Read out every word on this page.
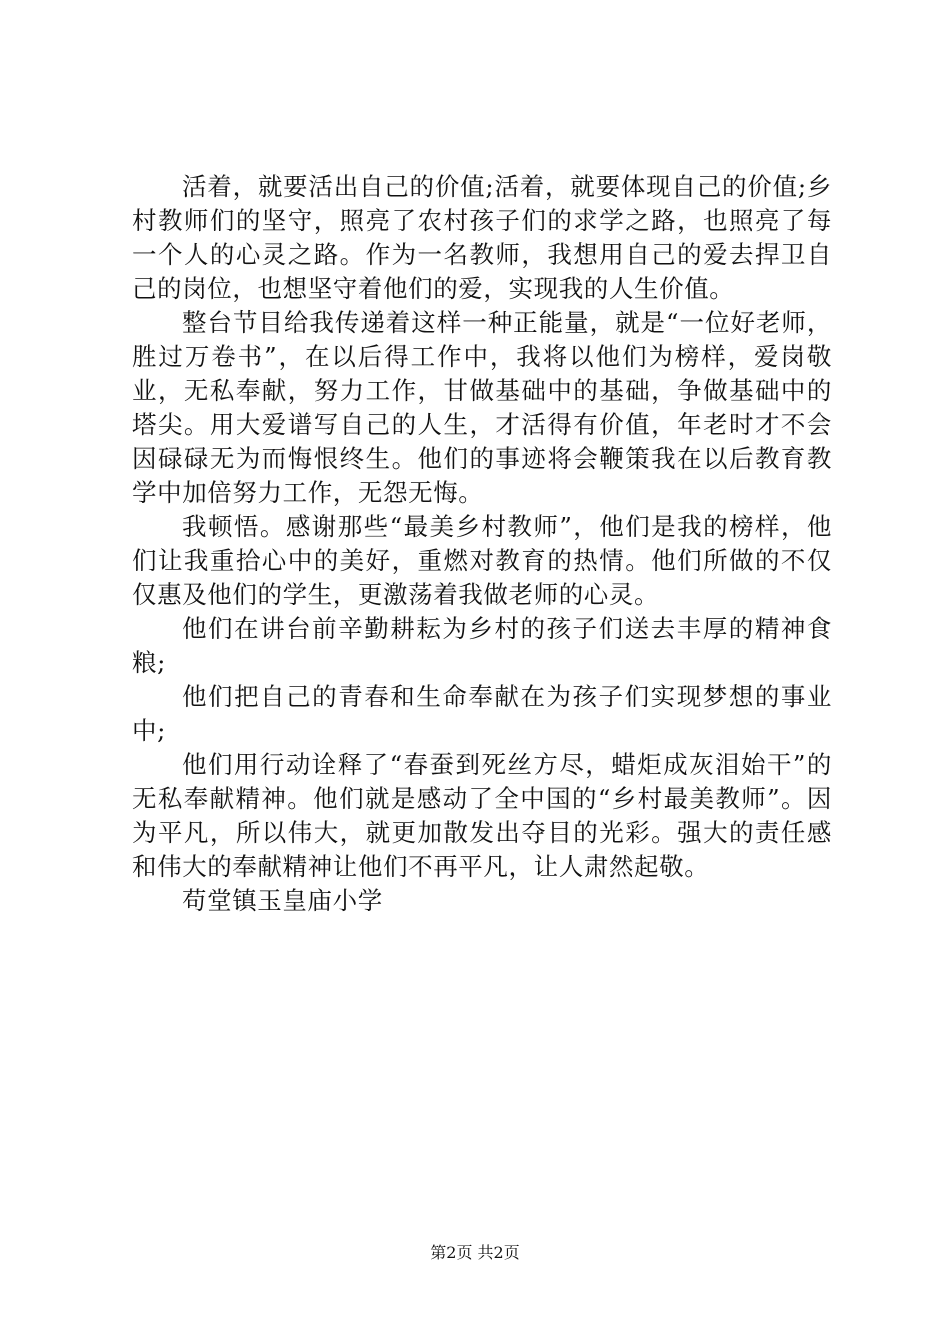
活着，就要活出自己的价值;活着，就要体现自己的价值;乡村教师们的坚守，照亮了农村孩子们的求学之路，也照亮了每一个人的心灵之路。作为一名教师，我想用自己的爱去捍卫自己的岗位，也想坚守着他们的爱，实现我的人生价值。

整台节目给我传递着这样一种正能量，就是“一位好老师，胜过万卷书”，在以后得工作中，我将以他们为榜样，爱岗敬业，无私奉献，努力工作，甘做基础中的基础，争做基础中的塔尖。用大爱谱写自己的人生，才活得有价值，年老时才不会因碌碌无为而悔恨终生。他们的事迹将会鞭策我在以后教育教学中加倍努力工作，无怨无悔。

我顿悟。感谢那些“最美乡村教师”，他们是我的榜样，他们让我重拾心中的美好，重燃对教育的热情。他们所做的不仅仅惠及他们的学生，更激荡着我做老师的心灵。

他们在讲台前辛勤耕耘为乡村的孩子们送去丰厚的精神食粮;

他们把自己的青春和生命奉献在为孩子们实现梦想的事业中;

他们用行动诠释了“春蚕到死丝方尽，蜡炬成灰泪始干”的无私奉献精神。他们就是感动了全中国的“乡村最美教师”。因为平凡，所以伟大，就更加散发出夺目的光彩。强大的责任感和伟大的奉献精神让他们不再平凡，让人肃然起敬。

苟堂镇玉皇庙小学

第2页 共2页
